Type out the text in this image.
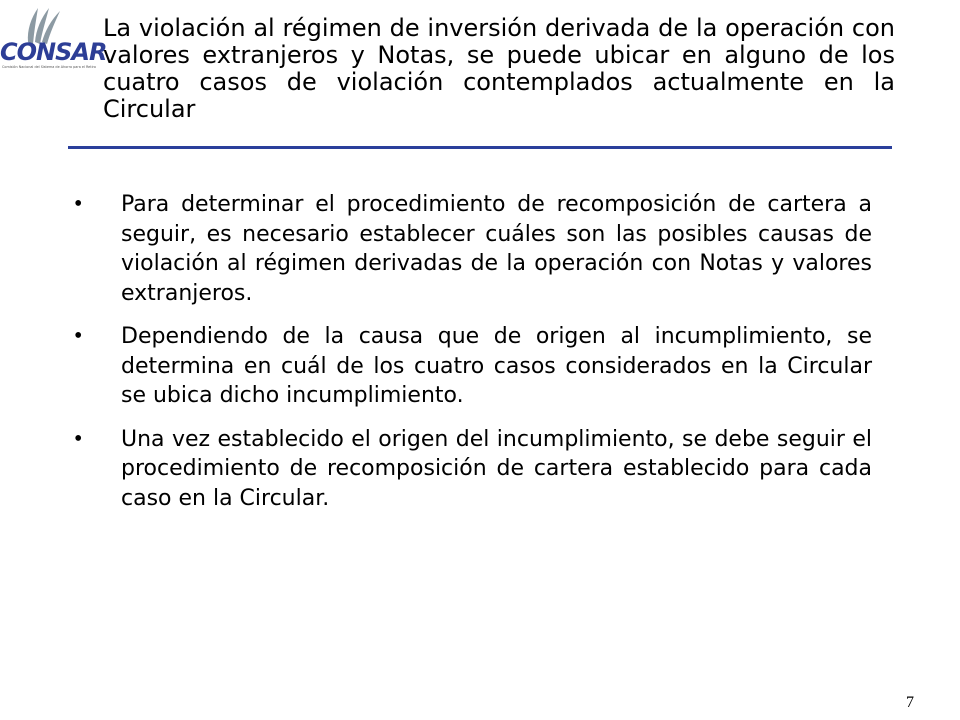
CONSAR
Comisión Nacional del Sistema de Ahorro para el Retiro
La violación al régimen de inversión derivada de la operación con valores extranjeros y Notas, se puede ubicar en alguno de los cuatro casos de violación contemplados actualmente en la Circular
• Para determinar el procedimiento de recomposición de cartera a seguir, es necesario establecer cuáles son las posibles causas de violación al régimen derivadas de la operación con Notas y valores extranjeros.
• Dependiendo de la causa que de origen al incumplimiento, se determina en cuál de los cuatro casos considerados en la Circular se ubica dicho incumplimiento.
• Una vez establecido el origen del incumplimiento, se debe seguir el procedimiento de recomposición de cartera establecido para cada caso en la Circular.
7
